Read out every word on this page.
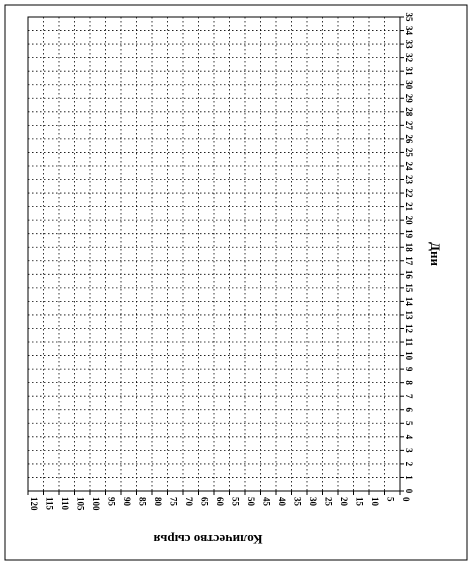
0
5
10
15
20
25
30
35
40
45
50
55
60
65
70
75
80
85
90
95
100
105
110
115
120
0
1
2
3
4
5
6
7
8
9
10
11
12
13
14
15
16
17
18
19
20
21
22
23
24
25
26
27
28
29
30
31
32
33
34
35
Дни
Количество сырья
